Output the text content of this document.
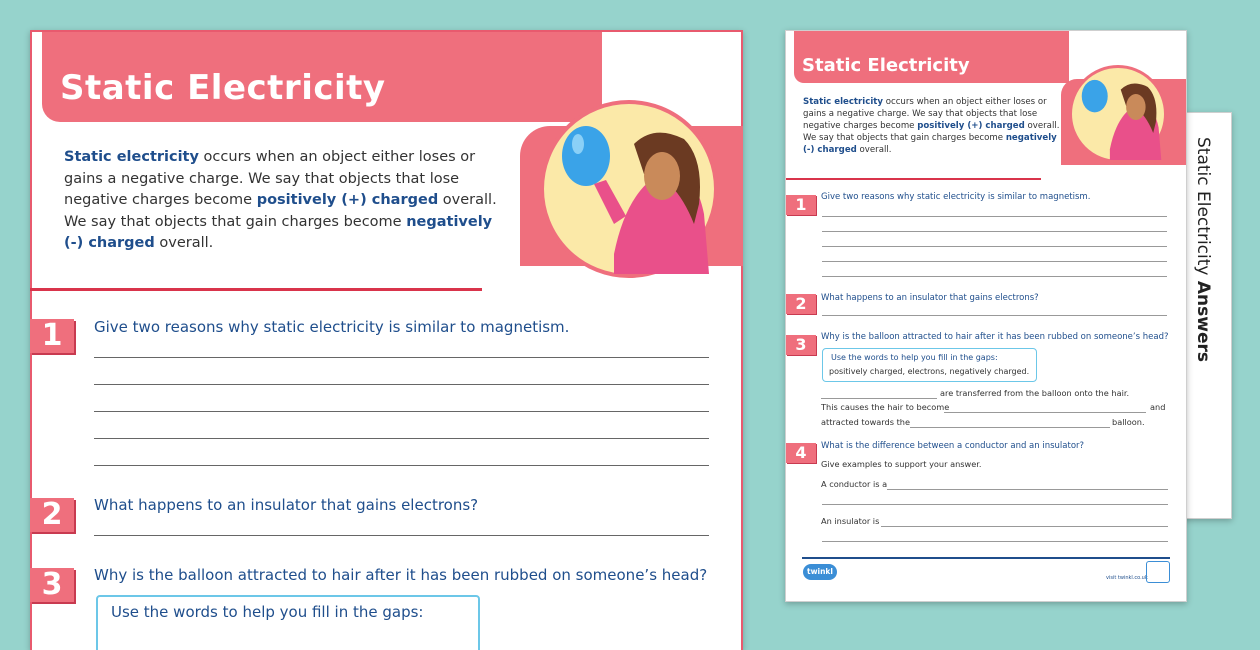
Static Electricity Answers
Static Electricity
Static electricity occurs when an object either loses or gains a negative charge. We say that objects that lose negative charges become positively (+) charged overall. We say that objects that gain charges become negatively (-) charged overall.
1	Give two reasons why static electricity is similar to magnetism.
2	What happens to an insulator that gains electrons?
3	Why is the balloon attracted to hair after it has been rubbed on someone’s head?
Use the words to help you fill in the gaps:
Static Electricity
Static electricity occurs when an object either loses or gains a negative charge. We say that objects that lose negative charges become positively (+) charged overall. We say that objects that gain charges become negatively (-) charged overall.
1	Give two reasons why static electricity is similar to magnetism.
2	What happens to an insulator that gains electrons?
3	Why is the balloon attracted to hair after it has been rubbed on someone’s head?
Use the words to help you fill in the gaps:
positively charged, electrons, negatively charged.
are transferred from the balloon onto the hair.
This causes the hair to become	and
attracted towards the	balloon.
4	What is the difference between a conductor and an insulator?
Give examples to support your answer.
A conductor is a
An insulator is
twinkl
visit twinkl.co.uk
